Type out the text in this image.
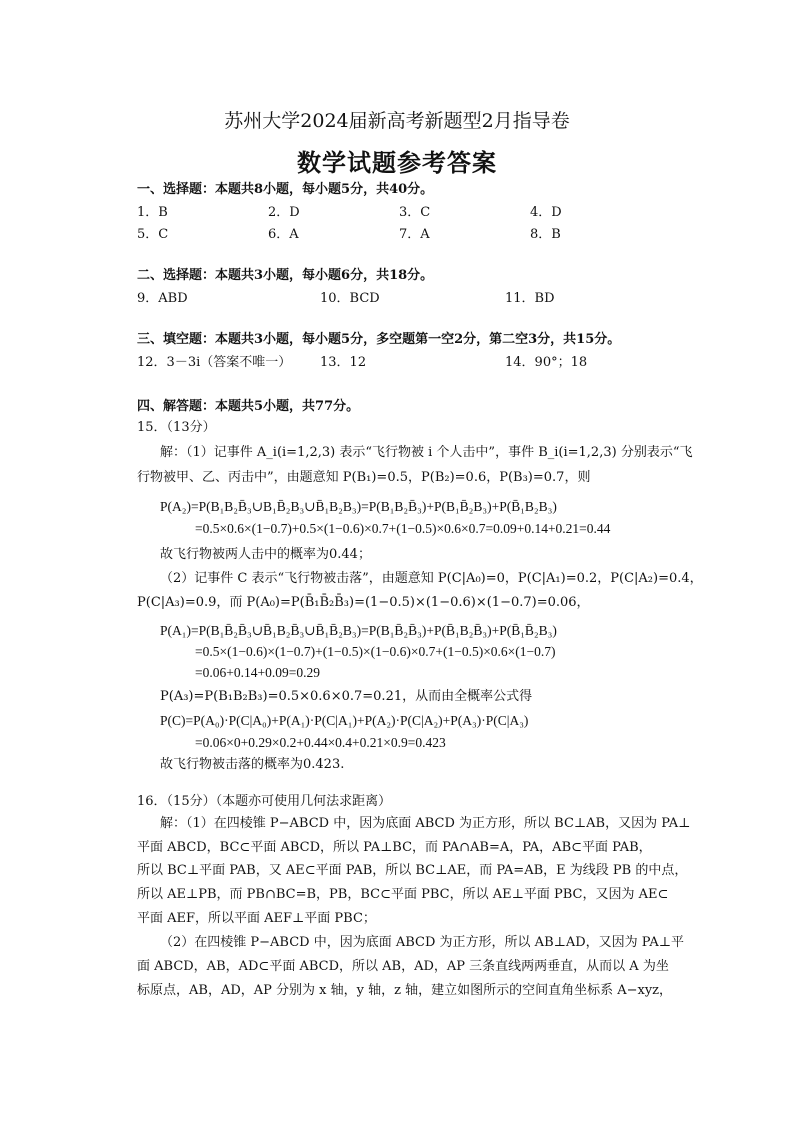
苏州大学2024届新高考新题型2月指导卷
数学试题参考答案
一、选择题：本题共8小题，每小题5分，共40分。
1．B	2．D	3．C	4．D
5．C	6．A	7．A	8．B
二、选择题：本题共3小题，每小题6分，共18分。
9．ABD	10．BCD	11．BD
三、填空题：本题共3小题，每小题5分，多空题第一空2分，第二空3分，共15分。
12．3－3i（答案不唯一） 13．12	14．90°；18
四、解答题：本题共5小题，共77分。
15．（13分）
解：（1）记事件 A_i(i=1,2,3) 表示“飞行物被 i 个人击中”，事件 B_i(i=1,2,3) 分别表示“飞
行物被甲、乙、丙击中”，由题意知 P(B₁)=0.5，P(B₂)=0.6，P(B₃)=0.7，则
P(A₂)=P(B₁B₂B̄₃∪B₁B̄₂B₃∪B̄₁B₂B₃)=P(B₁B₂B̄₃)+P(B₁B̄₂B₃)+P(B̄₁B₂B₃)
=0.5×0.6×(1−0.7)+0.5×(1−0.6)×0.7+(1−0.5)×0.6×0.7=0.09+0.14+0.21=0.44
故飞行物被两人击中的概率为0.44；
（2）记事件 C 表示“飞行物被击落”，由题意知 P(C|A₀)=0，P(C|A₁)=0.2，P(C|A₂)=0.4，
P(C|A₃)=0.9，而 P(A₀)=P(B̄₁B̄₂B̄₃)=(1−0.5)×(1−0.6)×(1−0.7)=0.06，
P(A₁)=P(B₁B̄₂B̄₃∪B̄₁B₂B̄₃∪B̄₁B̄₂B₃)=P(B₁B̄₂B̄₃)+P(B̄₁B₂B̄₃)+P(B̄₁B̄₂B₃)
=0.5×(1−0.6)×(1−0.7)+(1−0.5)×(1−0.6)×0.7+(1−0.5)×0.6×(1−0.7)
=0.06+0.14+0.09=0.29
P(A₃)=P(B₁B₂B₃)=0.5×0.6×0.7=0.21，从而由全概率公式得
P(C)=P(A₀)·P(C|A₀)+P(A₁)·P(C|A₁)+P(A₂)·P(C|A₂)+P(A₃)·P(C|A₃)
=0.06×0+0.29×0.2+0.44×0.4+0.21×0.9=0.423
故飞行物被击落的概率为0.423.
16．（15分）（本题亦可使用几何法求距离）
解：（1）在四棱锥 P−ABCD 中，因为底面 ABCD 为正方形，所以 BC⊥AB，又因为 PA⊥
平面 ABCD，BC⊂平面 ABCD，所以 PA⊥BC，而 PA∩AB=A，PA，AB⊂平面 PAB，
所以 BC⊥平面 PAB，又 AE⊂平面 PAB，所以 BC⊥AE，而 PA=AB，E 为线段 PB 的中点，
所以 AE⊥PB，而 PB∩BC=B，PB，BC⊂平面 PBC，所以 AE⊥平面 PBC，又因为 AE⊂
平面 AEF，所以平面 AEF⊥平面 PBC；
（2）在四棱锥 P−ABCD 中，因为底面 ABCD 为正方形，所以 AB⊥AD，又因为 PA⊥平
面 ABCD，AB，AD⊂平面 ABCD，所以 AB，AD，AP 三条直线两两垂直，从而以 A 为坐
标原点，AB，AD，AP 分别为 x 轴，y 轴，z 轴，建立如图所示的空间直角坐标系 A−xyz，
